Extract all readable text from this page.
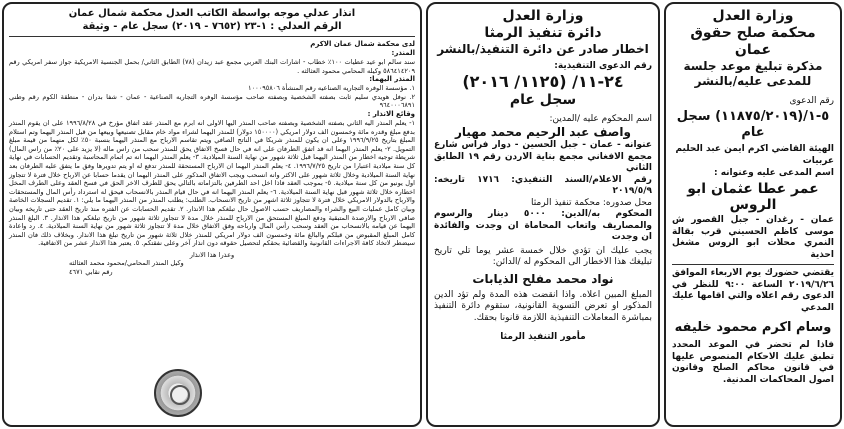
وزارة العدل
محكمة صلح حقوق عمان
مذكرة تبليغ موعد جلسة للمدعى عليه/بالنشر
رقم الدعوى
٥-١/(١١٨٧٥/٢٠١٩) سجل عام
الهيئة القاضي اكرم ايمن عبد الحليم عربيات
اسم المدعى عليه وعنوانه :
عمر عطا عثمان ابو الروس
عمان - رغدان - جبل القصور ش موسى كاظم الحسيني قرب بقالة النمري محلات ابو الروس مشغل احذية
يقتضي حضورك يوم الاربعاء الموافق ٢٠١٩/٦/٢٦ الساعة ٩:٠٠ للنظر في الدعوى رقم اعلاه والتي اقامها عليك المدعي
وسام اكرم محمود خليفه
فاذا لم تحضر في الموعد المحدد تطبق عليك الاحكام المنصوص عليها في قانون محاكم الصلح وقانون اصول المحاكمات المدنية.
وزارة العدل
دائرة تنفيذ الرمثا
اخطار صادر عن دائرة التنفيذ/بالنشر
رقم الدعوى التنفيذية:
٢٤-١١/ (١١٢٥/ ٢٠١٦)
سجل عام
اسم المحكوم عليه /المدين:
واصف عبد الرحيم محمد مهيار
عنوانه - عمان - جبل الحسين - دوار فراس شارع مجمع الافغاني مجمع بناية الاردن رقم ١٩ الطابق الثاني
رقم الاعلام/السند التنفيذي: ١٧١٦ تاريخه: ٢٠١٩/٥/٩
محل صدوره: محكمة تنفيذ الرمثا
المحكوم به/الدين: ٥٠٠٠ دينار والرسوم والمصاريف واتعاب المحاماة ان وجدت والفائدة ان وجدت
يجب عليك ان تؤدي خلال خمسة عشر يوما تلي تاريخ تبليغك هذا الاخطار الى المحكوم له /الدائن:
نواد محمد مفلح الذيابات
المبلغ المبين اعلاه. واذا انقضت هذه المدة ولم تؤد الدين المذكور او تعرض التسوية القانونية، ستقوم دائرة التنفيذ بمباشرة المعاملات التنفيذية اللازمة قانونا بحقك.
مأمور التنفيذ الرمثا
انذار عدلي موجه بواسطة الكاتب العدل محكمة شمال عمان
الرقم العدلي : ١-٢٣ (٧٦٥٢ - ٢٠١٩) سجل عام - وثيقة
لدى محكمة شمال عمان الاكرم
المنذر:
سند سالم ابو عيد عطيات ١٠٠٪ خطاب - اشارات البنك العربي مجمع عبد زيدان (٧٨) الطابق الثاني/ بحمل الجنسية الامريكية جواز سفر امريكي رقم ٥٨٦٤١٤٢٠٩ وكيله المحامي محمود العثالثه .
المنذر اليهما:
١. مؤسسة الوفره التجاريه الصناعيه رقم المنشأة ١٠٠٠٩٥٨٠٦
٢. نوفل هويدي سليم ثابت بصفته الشخصية وبصفته صاحب مؤسسة الوفره التجاريه الصناعية - عمان - شفا بدران - منطقة الكوم رقم وطني ٩٦٤٠٠٠٦٨٩١
وقائع الانذار :
١- يعلم المنذر اليه الثاني بصفته الشخصية وبصفته صاحب المنذر اليها الاولى انه ابرم مع المنذر عقد اتفاق مؤرخ في ١٩٩٦/٨/٢٨ على ان يقوم المنذر بدفع مبلغ وقدره مائة وخمسون الف دولار امريكي (١٥٠٠٠٠ دولار) للمنذر اليهما لشراء مواد خام مقابل تصنيعها وبيعها من قبل المنذر اليهما وتم استلام المبلغ بتاريخ ١٩٩٦/٩/٢٥ وعلى ان يكون للمنذر شريكا في الناتج الصافي ويتم تقاسم الارباح مع المنذر اليهما بنسبة ٥٠٪ لكل منهما من قيمة مبلغ التمويل. ٢- يعلم المنذر اليهما انه قد اتفق الطرفان على انه في حال فسخ الاتفاق يحق للمنذر سحب من راس ماله (لا يزيد على ٢٠٪ من راس المال) شريطة توجيه اخطار من المنذر اليهما قبل ثلاثة شهور من نهاية السنة الميلادية. ٣- يعلم المنذر اليهما انه تم اتمام المحاسبة وتقديم الحسابات في نهاية كل سنة ميلادية اعتبارا من تاريخ ١٩٩٦/٧/٢٥. ٤- يعلم المنذر اليهما ان الارباح المستحقة للمنذر تدفع له او يتم تدويرها وفق ما يتفق عليه الطرفان بعد نهاية السنة الميلادية وخلال ثلاثة شهور على الاكثر وانه انسحب ويجب الاتفاق المذكور على المنذر اليهما ان يقدما حسابا عن الارباح خلال فترة لا تتجاوز اول يونيو من كل سنة ميلادية. ٥- بموجب العقد فاذا اخل احد الطرفين بالتزاماته بالتالي يحق للطرف الاخر الحق في فسخ العقد وعلى الطرف المخل اخطاره خلال ثلاثة شهور قبل نهاية السنة الميلادية. ٦- يعلم المنذر اليهما انه في حال قيام المنذر بالانسحاب فيحق له استرداد رأس المال والمستحقات والارباح بالدولار الامريكي خلال فترة لا تتجاوز ثلاثة اشهر من تاريخ الانسحاب. الطلب: يطلب المنذر من المنذر اليهما ما يلي: ١. تقديم السجلات الخاصة وبيان كامل عمليات البيع والشراء والمصاريف حسب الاصول حال تبلغكم هذا الانذار. ٢. تقديم الحسابات عن الفتره منذ تاريخ العقد حتى تاريخه وبيان صافي الارباح والارصدة المتبقية ودفع المبلغ المستحق من الارباح للمنذر خلال مدة لا تتجاوز ثلاثة شهور من تاريخ تبلغكم هذا الانذار. ٣. البلغ المنذر اليهما عن قيامه بالانسحاب من العقد وسحب رأس المال وارباحه وفق الاتفاق خلال مدة لا تتجاوز ثلاثة شهور من نهاية السنة الميلادية. ٤. رد واعادة كامل المبلغ المقبوض من قبلكم والبالغ مائة وخمسون الف دولار امريكي للمنذر خلال ثلاثة شهور من تاريخ تبلغ هذا الانذار. وبخلاف ذلك فان المنذر سيضطر لاتخاذ كافة الاجراءات القانونية والقضائية بحقكم لتحصيل حقوقه دون انذار آخر وعلى نفقتكم. ٥. يعتبر هذا الانذار عشر من الاتفاقية.
وعذرا هذا الانذار
وكيل المنذر المحامي/محمود محمد العثالثه
رقم نقابي ٤٦٧١
